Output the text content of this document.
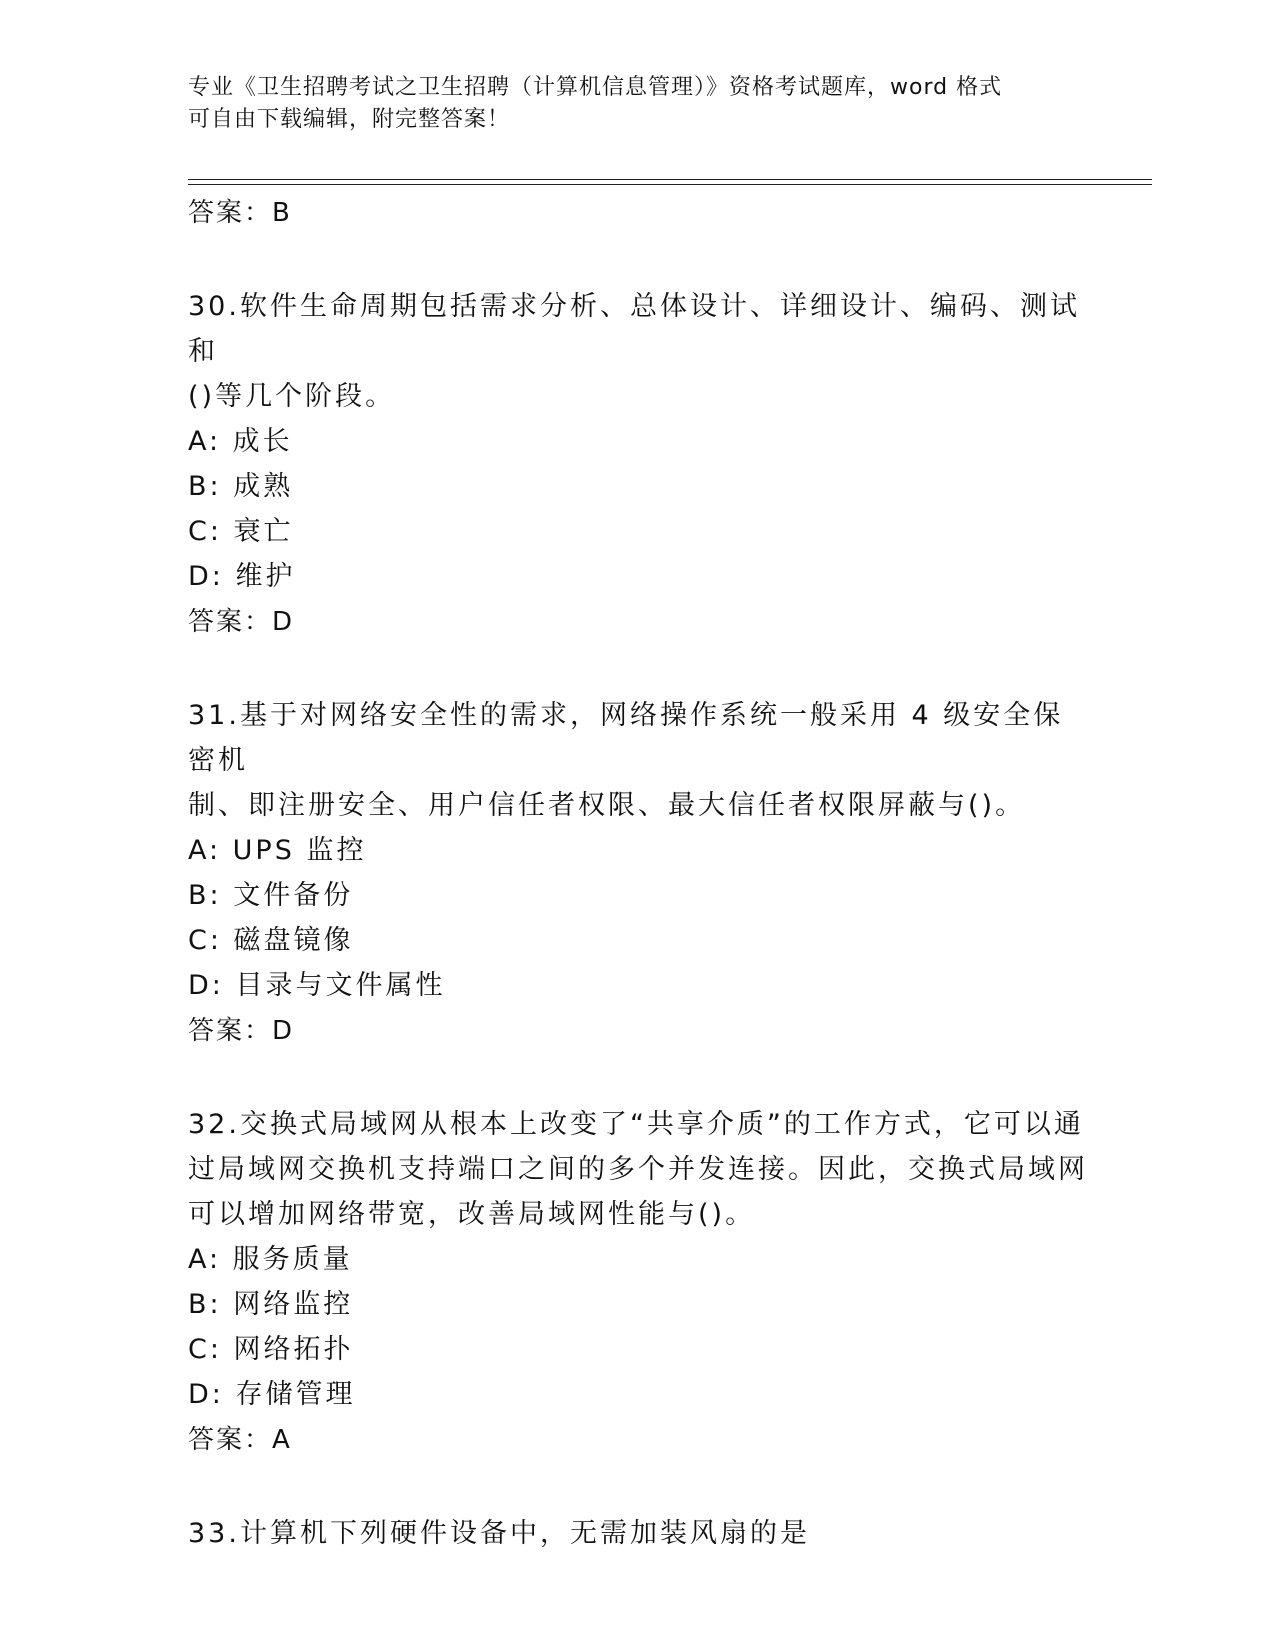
专业《卫生招聘考试之卫生招聘（计算机信息管理）》资格考试题库，word 格式
可自由下载编辑，附完整答案！

答案：B

30.软件生命周期包括需求分析、总体设计、详细设计、编码、测试和

()等几个阶段。

A: 成长

B: 成熟

C: 衰亡

D: 维护

答案：D

31.基于对网络安全性的需求，网络操作系统一般采用 4 级安全保密机

制、即注册安全、用户信任者权限、最大信任者权限屏蔽与()。

A: UPS 监控

B: 文件备份

C: 磁盘镜像

D: 目录与文件属性

答案：D

32.交换式局域网从根本上改变了“共享介质”的工作方式，它可以通

过局域网交换机支持端口之间的多个并发连接。因此，交换式局域网

可以增加网络带宽，改善局域网性能与()。

A: 服务质量

B: 网络监控

C: 网络拓扑

D: 存储管理

答案：A

33.计算机下列硬件设备中，无需加装风扇的是
